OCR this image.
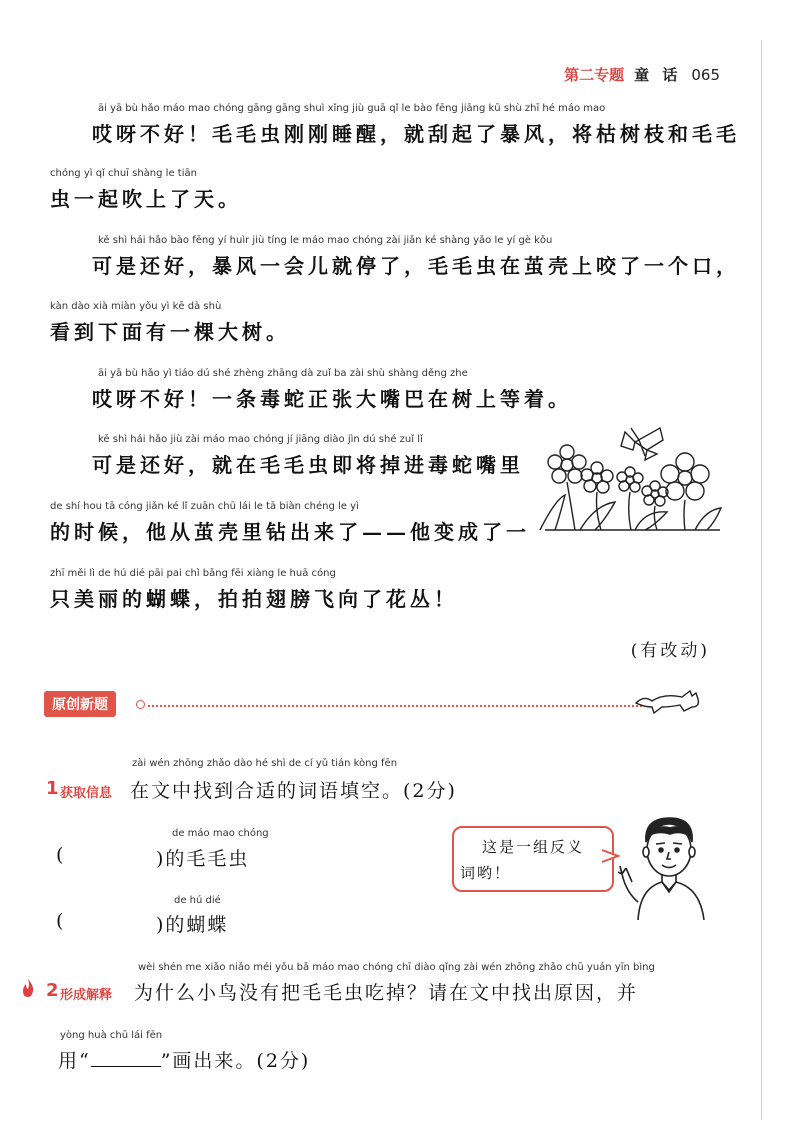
第二专题 童 话 065
āi yā bù hǎo máo mao chóng gāng gāng shuì xǐng jiù guā qǐ le bào fēng jiāng kū shù zhī hé máo mao
哎呀不好！毛毛虫刚刚睡醒，就刮起了暴风，将枯树枝和毛毛
chóng yì qǐ chuī shàng le tiān
虫一起吹上了天。
kě shì hái hǎo bào fēng yí huìr jiù tíng le máo mao chóng zài jiǎn ké shàng yǎo le yí gè kǒu
可是还好，暴风一会儿就停了，毛毛虫在茧壳上咬了一个口，
kàn dào xià miàn yǒu yì kē dà shù
看到下面有一棵大树。
āi yā bù hǎo yì tiáo dú shé zhèng zhāng dà zuǐ ba zài shù shàng děng zhe
哎呀不好！一条毒蛇正张大嘴巴在树上等着。
kě shì hái hǎo jiù zài máo mao chóng jí jiāng diào jìn dú shé zuǐ lǐ
可是还好，就在毛毛虫即将掉进毒蛇嘴里
de shí hou tā cóng jiǎn ké lǐ zuān chū lái le tā biàn chéng le yì
的时候，他从茧壳里钻出来了——他变成了一
zhī měi lì de hú dié pāi pai chì bǎng fēi xiàng le huā cóng
只美丽的蝴蝶，拍拍翅膀飞向了花丛！
(有改动)
原创新题
zài wén zhōng zhǎo dào hé shì de cí yǔ tián kòng fēn
1 获取信息 在文中找到合适的词语填空。(2分)
de máo mao chóng
(	)的毛毛虫
de hú dié
(	)的蝴蝶
这是一组反义
词哟！
wèi shén me xiǎo niǎo méi yǒu bǎ máo mao chóng chī diào qǐng zài wén zhōng zhǎo chū yuán yīn bìng
2 形成解释 为什么小鸟没有把毛毛虫吃掉？请在文中找出原因，并
yòng huà chū lái fēn
用“	”画出来。(2分)
